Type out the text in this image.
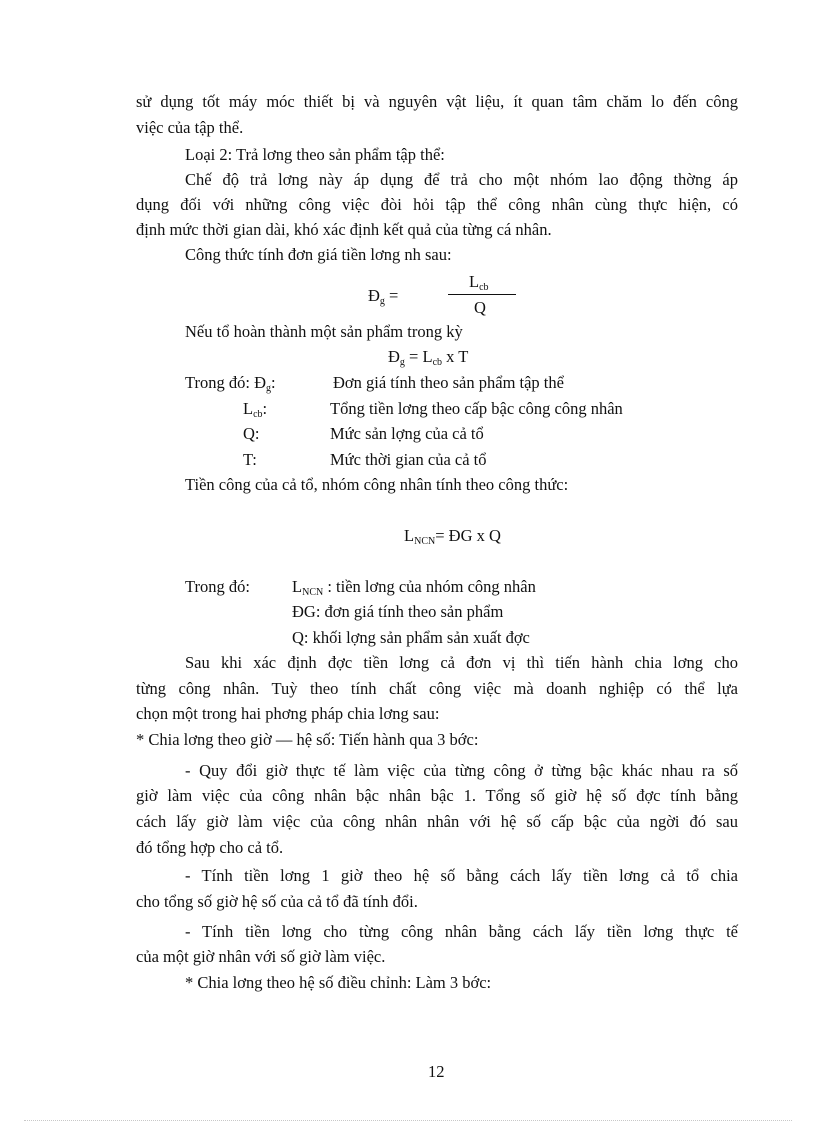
sử dụng tốt máy móc thiết bị và nguyên vật liệu, ít quan tâm chăm lo đến công
việc của tập thể.
Loại 2: Trả lơng theo sản phẩm tập thể:
Chế độ trả lơng này áp dụng để trả cho một nhóm lao động thờng áp
dụng đối với những công việc đòi hỏi tập thể công nhân cùng thực hiện, có
định mức thời gian dài, khó xác định kết quả của từng cá nhân.
Công thức tính đơn giá tiền lơng nh sau:
$Đ_g$ =
$L_{cb}$
Q
Nếu tổ hoàn thành một sản phẩm trong kỳ
$Đ_g = L_{cb}$ x T
Trong đó: $Đ_g$:	Đơn giá tính theo sản phẩm tập thể
$L_{cb}$:	Tổng tiền lơng theo cấp bậc công công nhân
Q:	Mức sản lợng của cả tổ
T:	Mức thời gian của cả tổ
Tiền công của cả tổ, nhóm công nhân tính theo công thức:
$L_{NCN}=$ ĐG x Q
Trong đó:	$L_{NCN}$ : tiền lơng của nhóm công nhân
ĐG: đơn giá tính theo sản phẩm
Q: khối lợng sản phẩm sản xuất đợc
Sau khi xác định đợc tiền lơng cả đơn vị thì tiến hành chia lơng cho
từng công nhân. Tuỳ theo tính chất công việc mà doanh nghiệp có thể lựa
chọn một trong hai phơng pháp chia lơng sau:
* Chia lơng theo giờ — hệ số: Tiến hành qua 3 bớc:
- Quy đổi giờ thực tế làm việc của từng công ở từng bậc khác nhau ra số
giờ làm việc của công nhân bậc nhân bậc 1. Tổng số giờ hệ số đợc tính bằng
cách lấy giờ làm việc của công nhân nhân với hệ số cấp bậc của ngời đó sau
đó tổng hợp cho cả tổ.
- Tính tiền lơng 1 giờ theo hệ số bằng cách lấy tiền lơng cả tổ chia
cho tổng số giờ hệ số của cả tổ đã tính đổi.
- Tính tiền lơng cho từng công nhân bằng cách lấy tiền lơng thực tế
của một giờ nhân với số giờ làm việc.
* Chia lơng theo hệ số điều chỉnh: Làm 3 bớc:
12
